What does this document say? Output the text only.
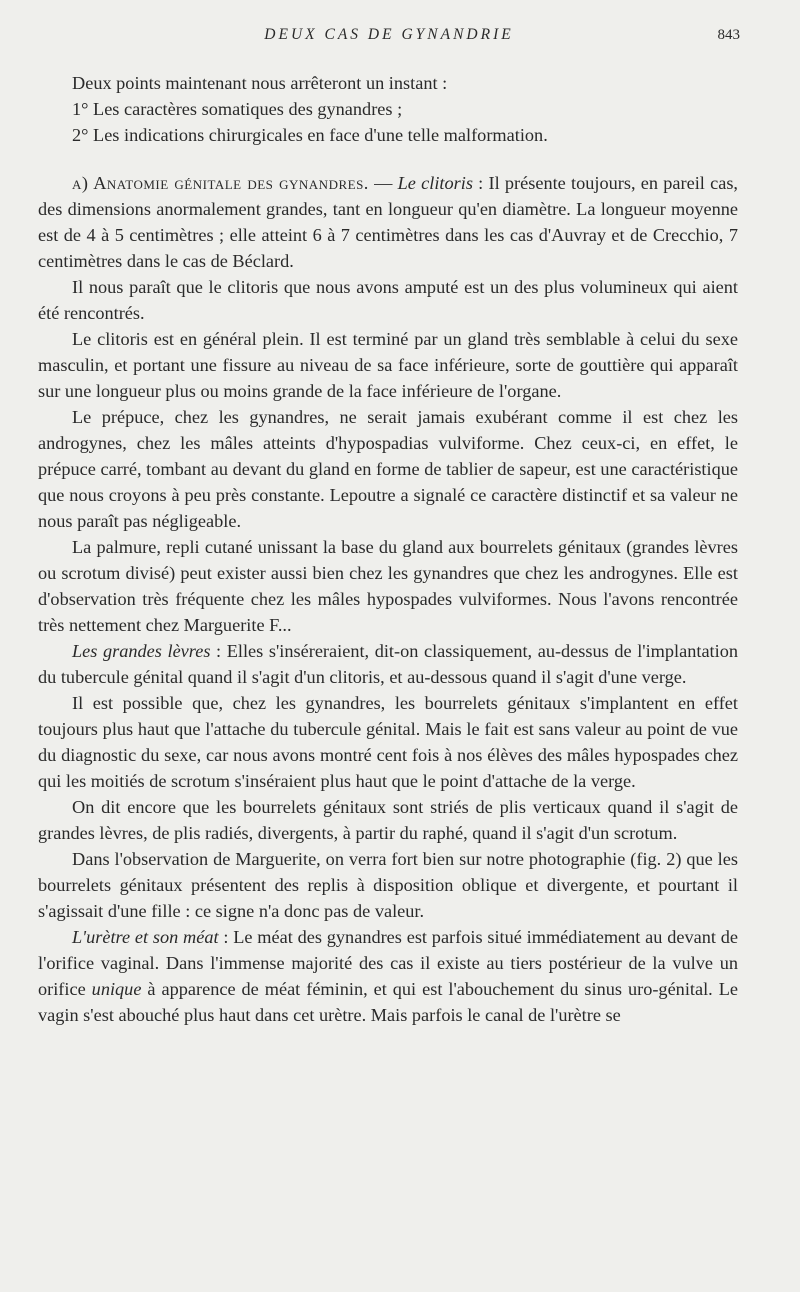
DEUX CAS DE GYNANDRIE	843

Deux points maintenant nous arrêteront un instant :

1° Les caractères somatiques des gynandres ;

2° Les indications chirurgicales en face d'une telle malformation.

a) Anatomie génitale des gynandres. — Le clitoris : Il présente toujours, en pareil cas, des dimensions anormalement grandes, tant en longueur qu'en diamètre. La longueur moyenne est de 4 à 5 centimètres ; elle atteint 6 à 7 centimètres dans les cas d'Auvray et de Crecchio, 7 centimètres dans le cas de Béclard.

Il nous paraît que le clitoris que nous avons amputé est un des plus volumineux qui aient été rencontrés.

Le clitoris est en général plein. Il est terminé par un gland très semblable à celui du sexe masculin, et portant une fissure au niveau de sa face inférieure, sorte de gouttière qui apparaît sur une longueur plus ou moins grande de la face inférieure de l'organe.

Le prépuce, chez les gynandres, ne serait jamais exubérant comme il est chez les androgynes, chez les mâles atteints d'hypospadias vulviforme. Chez ceux-ci, en effet, le prépuce carré, tombant au devant du gland en forme de tablier de sapeur, est une caractéristique que nous croyons à peu près constante. Lepoutre a signalé ce caractère distinctif et sa valeur ne nous paraît pas négligeable.

La palmure, repli cutané unissant la base du gland aux bourrelets génitaux (grandes lèvres ou scrotum divisé) peut exister aussi bien chez les gynandres que chez les androgynes. Elle est d'observation très fréquente chez les mâles hypospades vulviformes. Nous l'avons rencontrée très nettement chez Marguerite F...

Les grandes lèvres : Elles s'inséreraient, dit-on classiquement, au-dessus de l'implantation du tubercule génital quand il s'agit d'un clitoris, et au-dessous quand il s'agit d'une verge.

Il est possible que, chez les gynandres, les bourrelets génitaux s'implantent en effet toujours plus haut que l'attache du tubercule génital. Mais le fait est sans valeur au point de vue du diagnostic du sexe, car nous avons montré cent fois à nos élèves des mâles hypospades chez qui les moitiés de scrotum s'inséraient plus haut que le point d'attache de la verge.

On dit encore que les bourrelets génitaux sont striés de plis verticaux quand il s'agit de grandes lèvres, de plis radiés, divergents, à partir du raphé, quand il s'agit d'un scrotum.

Dans l'observation de Marguerite, on verra fort bien sur notre photographie (fig. 2) que les bourrelets génitaux présentent des replis à disposition oblique et divergente, et pourtant il s'agissait d'une fille : ce signe n'a donc pas de valeur.

L'urètre et son méat : Le méat des gynandres est parfois situé immédiatement au devant de l'orifice vaginal. Dans l'immense majorité des cas il existe au tiers postérieur de la vulve un orifice unique à apparence de méat féminin, et qui est l'abouchement du sinus uro-génital. Le vagin s'est abouché plus haut dans cet urètre. Mais parfois le canal de l'urètre se
